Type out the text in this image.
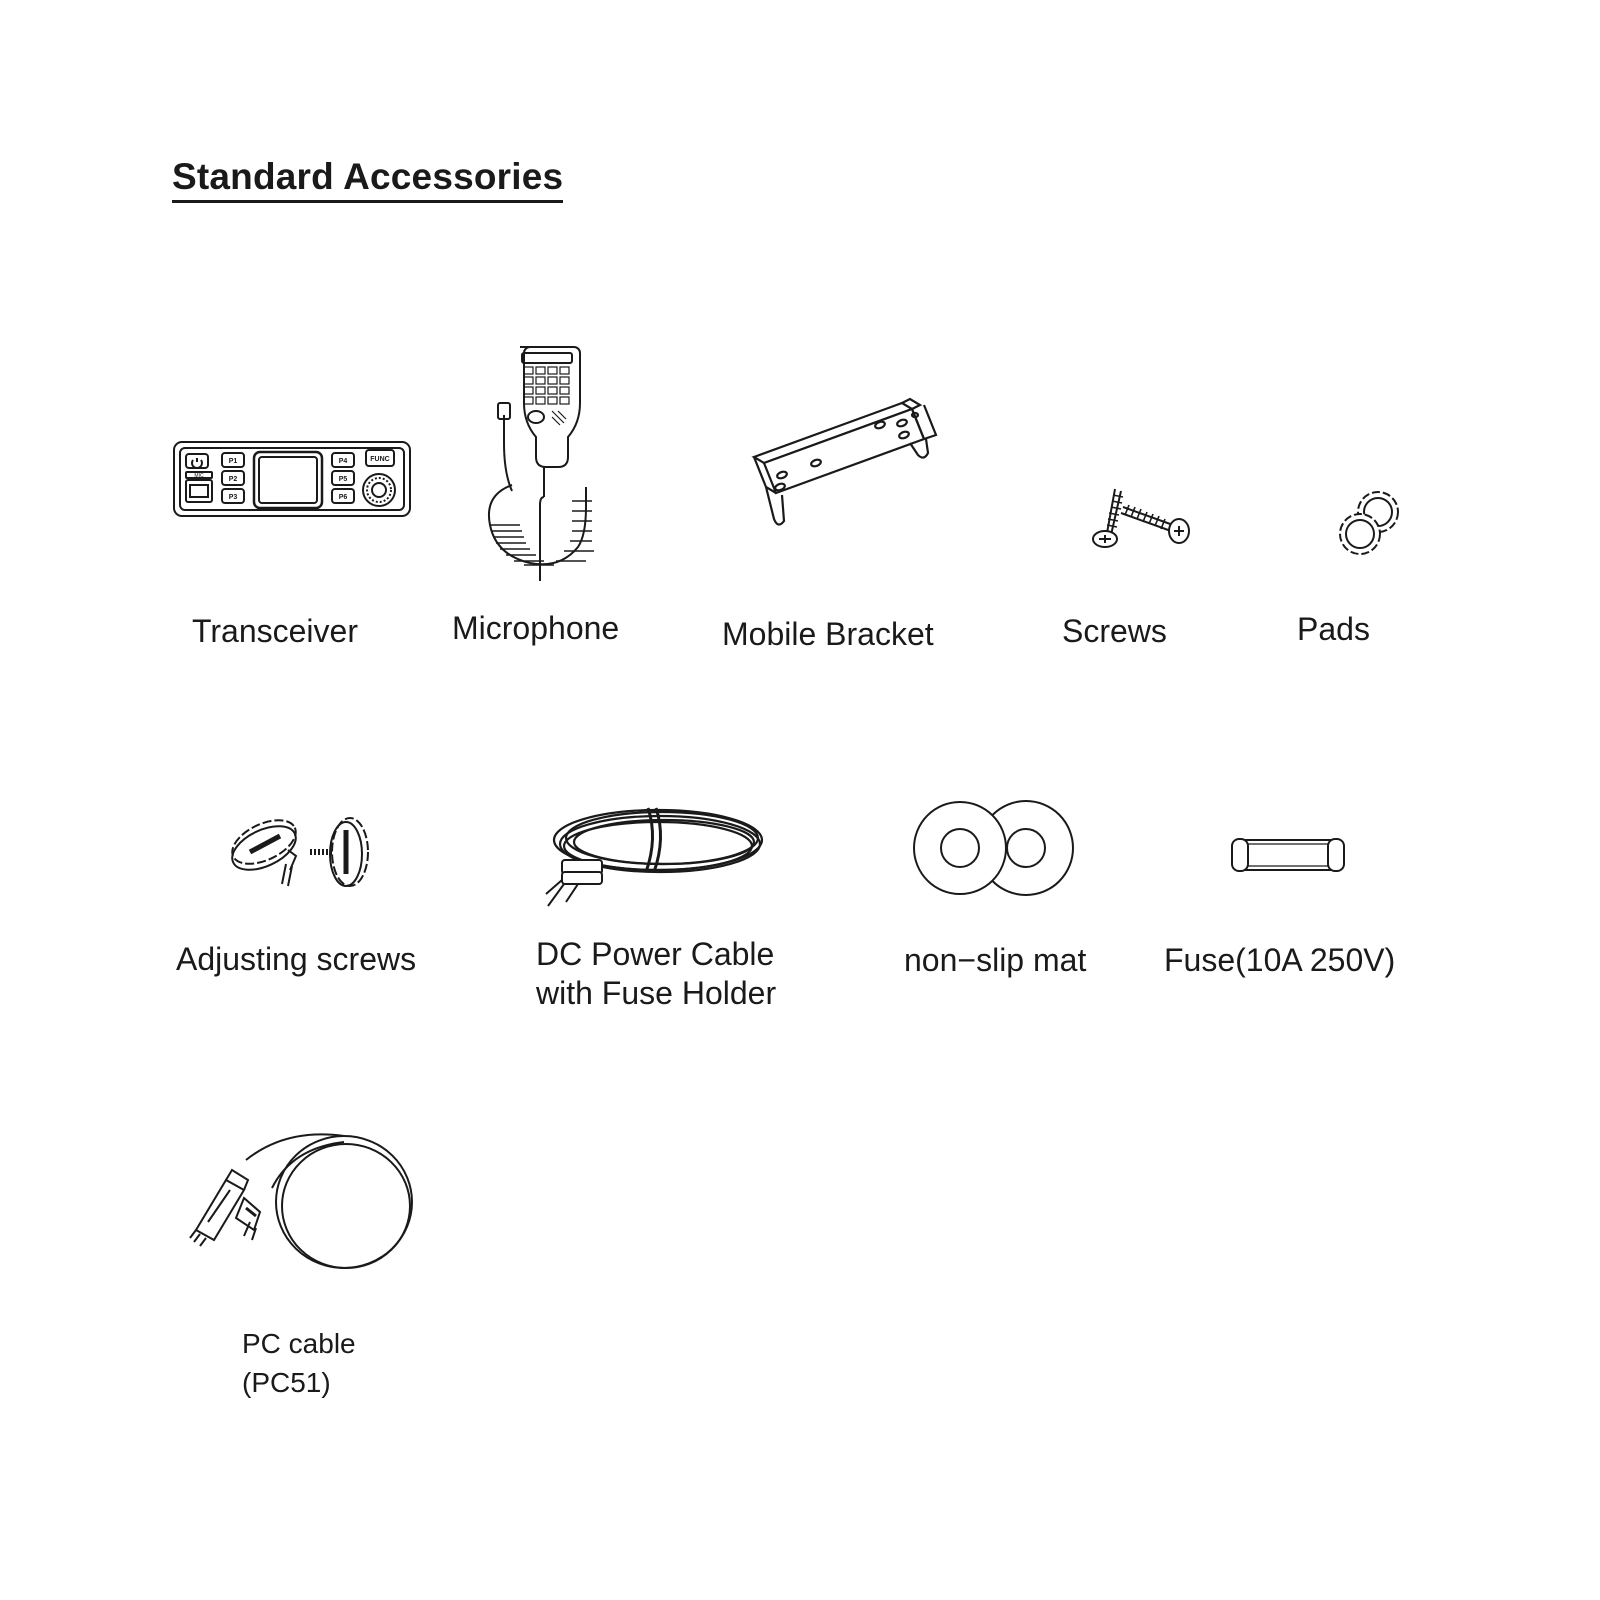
Standard Accessories
MIC
P1
P2
P3
P4
P5
P6
FUNC
Transceiver	Microphone	Mobile Bracket	Screws	Pads
Adjusting screws	DC Power Cable
with Fuse Holder
non−slip mat Fuse(10A 250V)
PC cable
(PC51)
